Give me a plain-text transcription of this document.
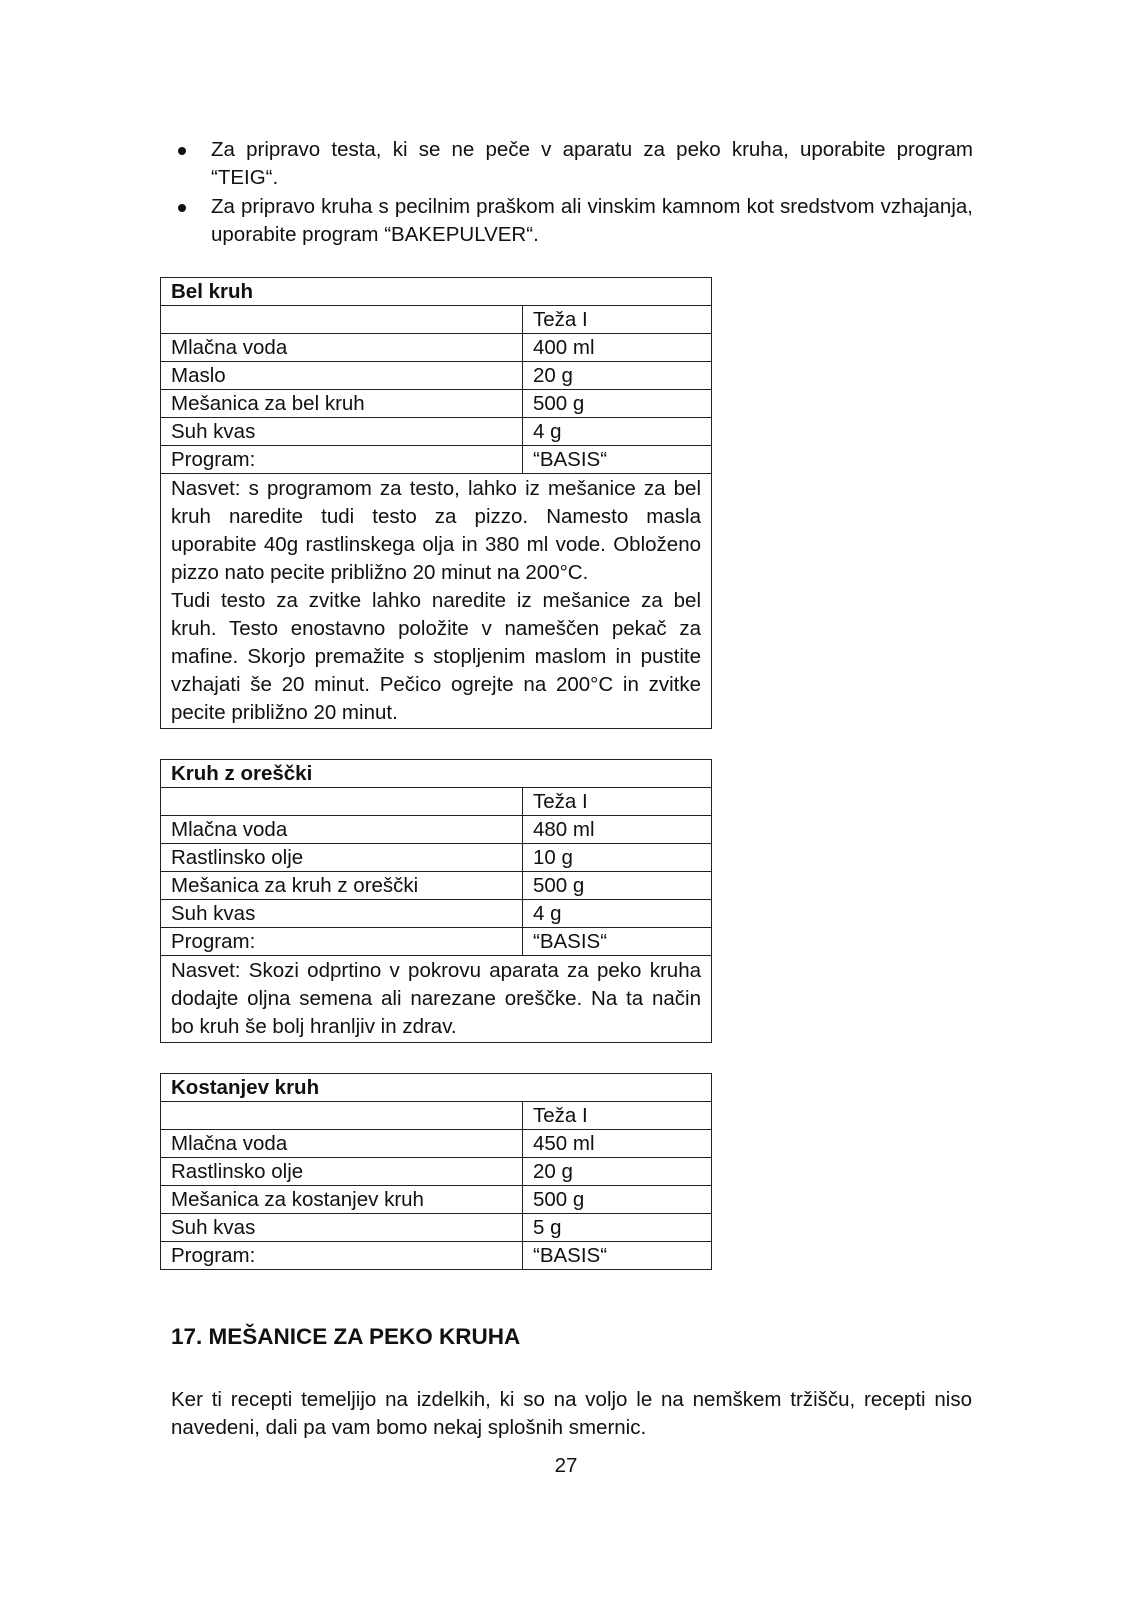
Za pripravo testa, ki se ne peče v aparatu za peko kruha, uporabite program “TEIG“.
Za pripravo kruha s pecilnim praškom ali vinskim kamnom kot sredstvom vzhajanja, uporabite program “BAKEPULVER“.
Bel kruh	
	Teža I
Mlačna voda	400 ml
Maslo	20 g
Mešanica za bel kruh	500 g
Suh kvas	4 g
Program:	“BASIS“

Nasvet: s programom za testo, lahko iz mešanice za bel kruh naredite tudi testo za pizzo. Namesto masla uporabite 40g rastlinskega olja in 380 ml vode. Obloženo pizzo nato pecite približno 20 minut na 200°C.

Tudi testo za zvitke lahko naredite iz mešanice za bel kruh. Testo enostavno položite v nameščen pekač za mafine. Skorjo premažite s stopljenim maslom in pustite vzhajati še 20 minut. Pečico ogrejte na 200°C in zvitke pecite približno 20 minut.	

Kruh z oreščki	
	Teža I
Mlačna voda	480 ml
Rastlinsko olje	10 g
Mešanica za kruh z oreščki	500 g
Suh kvas	4 g
Program:	“BASIS“

Nasvet: Skozi odprtino v pokrovu aparata za peko kruha dodajte oljna semena ali narezane oreščke. Na ta način bo kruh še bolj hranljiv in zdrav.	

Kostanjev kruh	
	Teža I
Mlačna voda	450 ml
Rastlinsko olje	20 g
Mešanica za kostanjev kruh	500 g
Suh kvas	5 g
Program:	“BASIS“
17. MEŠANICE ZA PEKO KRUHA

Ker ti recepti temeljijo na izdelkih, ki so na voljo le na nemškem tržišču, recepti niso navedeni, dali pa vam bomo nekaj splošnih smernic.

27
